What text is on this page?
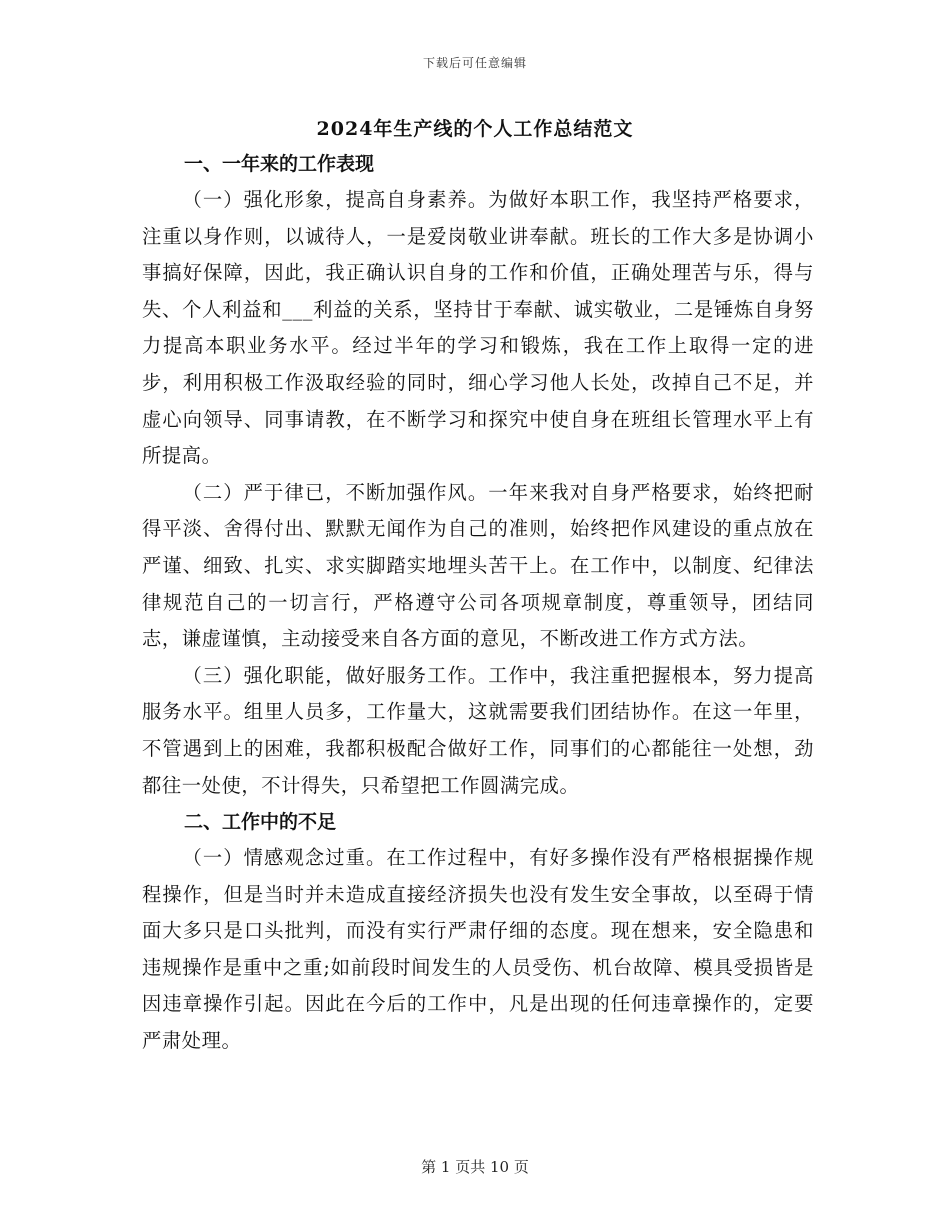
下载后可任意编辑
2024年生产线的个人工作总结范文
一、一年来的工作表现

（一）强化形象，提高自身素养。为做好本职工作，我坚持严格要求，注重以身作则，以诚待人，一是爱岗敬业讲奉献。班长的工作大多是协调小事搞好保障，因此，我正确认识自身的工作和价值，正确处理苦与乐，得与失、个人利益和___利益的关系，坚持甘于奉献、诚实敬业，二是锤炼自身努力提高本职业务水平。经过半年的学习和锻炼，我在工作上取得一定的进步，利用积极工作汲取经验的同时，细心学习他人长处，改掉自己不足，并虚心向领导、同事请教，在不断学习和探究中使自身在班组长管理水平上有所提高。

（二）严于律已，不断加强作风。一年来我对自身严格要求，始终把耐得平淡、舍得付出、默默无闻作为自己的准则，始终把作风建设的重点放在严谨、细致、扎实、求实脚踏实地埋头苦干上。在工作中，以制度、纪律法律规范自己的一切言行，严格遵守公司各项规章制度，尊重领导，团结同志，谦虚谨慎，主动接受来自各方面的意见，不断改进工作方式方法。

（三）强化职能，做好服务工作。工作中，我注重把握根本，努力提高服务水平。组里人员多，工作量大，这就需要我们团结协作。在这一年里，不管遇到上的困难，我都积极配合做好工作，同事们的心都能往一处想，劲都往一处使，不计得失，只希望把工作圆满完成。

二、工作中的不足

（一）情感观念过重。在工作过程中，有好多操作没有严格根据操作规程操作，但是当时并未造成直接经济损失也没有发生安全事故，以至碍于情面大多只是口头批判，而没有实行严肃仔细的态度。现在想来，安全隐患和违规操作是重中之重;如前段时间发生的人员受伤、机台故障、模具受损皆是因违章操作引起。因此在今后的工作中，凡是出现的任何违章操作的，定要严肃处理。

第 1 页共 10 页
